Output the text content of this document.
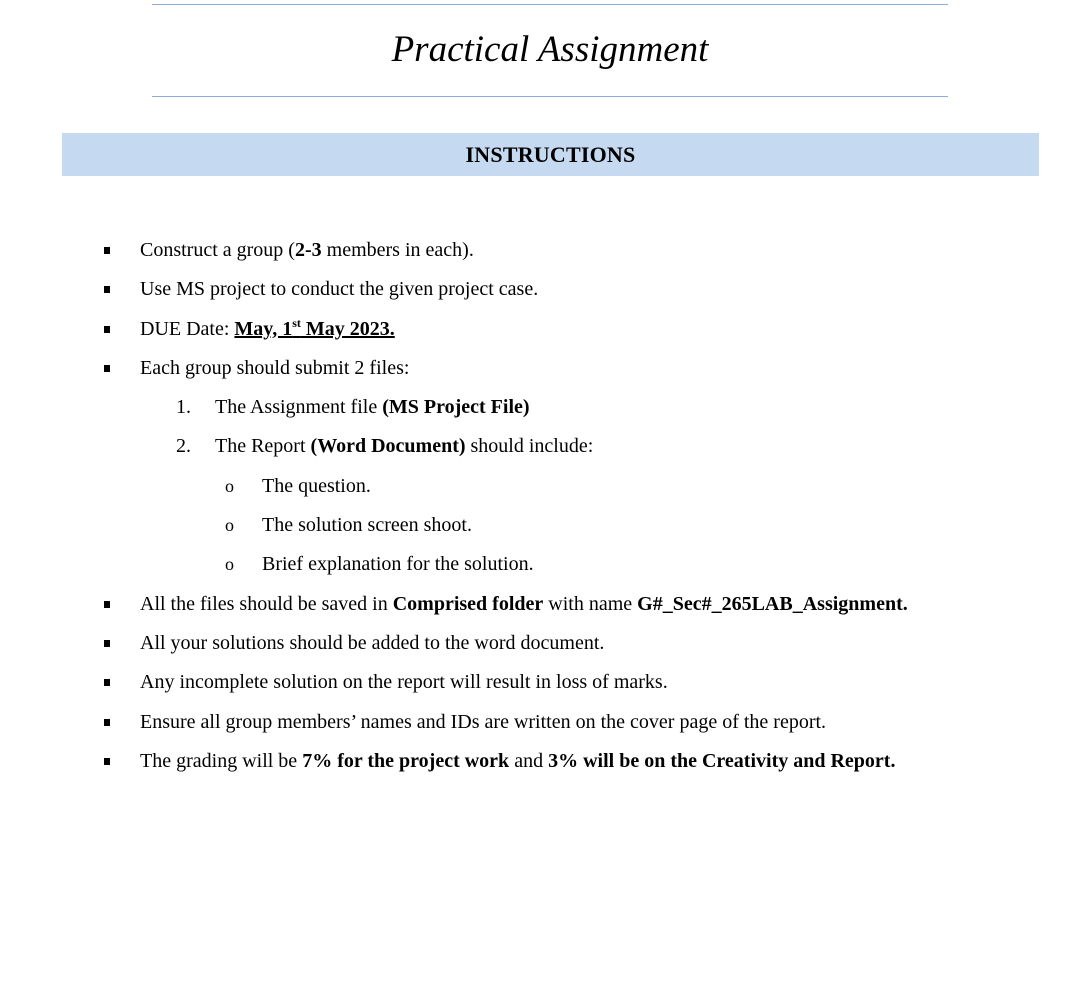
Practical Assignment
INSTRUCTIONS
Construct a group (2-3 members in each).
Use MS project to conduct the given project case.
DUE Date: May, 1st May 2023.
Each group should submit 2 files:
1. The Assignment file (MS Project File)
2. The Report (Word Document) should include:
o The question.
o The solution screen shoot.
o Brief explanation for the solution.
All the files should be saved in Comprised folder with name G#_Sec#_265LAB_Assignment.
All your solutions should be added to the word document.
Any incomplete solution on the report will result in loss of marks.
Ensure all group members’ names and IDs are written on the cover page of the report.
The grading will be 7% for the project work and 3% will be on the Creativity and Report.
